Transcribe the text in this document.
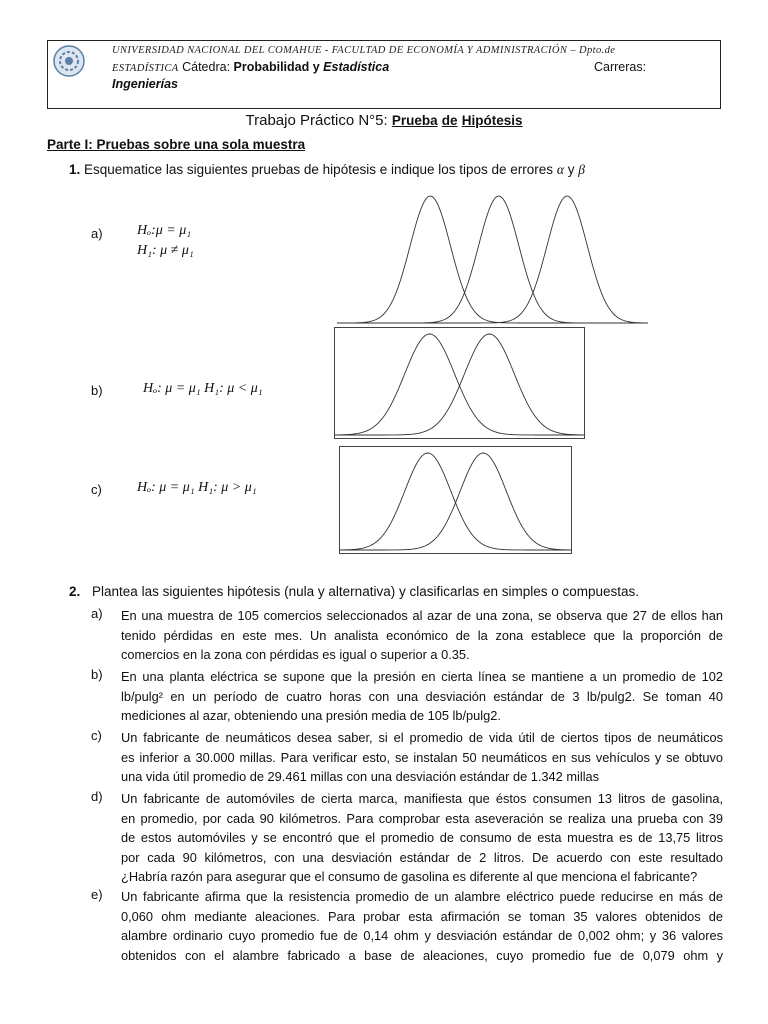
UNIVERSIDAD NACIONAL DEL COMAHUE - FACULTAD DE ECONOMÍA Y ADMINISTRACIÓN – Dpto.de
ESTADÍSTICA Cátedra: Probabilidad y Estadística	Carreras:
Ingenierías
Trabajo Práctico N°5: Prueba de Hipótesis
Parte I: Pruebas sobre una sola muestra
1. Esquematice las siguientes pruebas de hipótesis e indique los tipos de errores α y β
a) Hₒ:μ = μ₁
H₁: μ ≠ μ₁
b)	Hₒ: μ = μ₁ H₁: μ < μ₁
c)	Hₒ: μ = μ₁ H₁: μ > μ₁
2. Plantea las siguientes hipótesis (nula y alternativa) y clasificarlas en simples o compuestas.
a) En una muestra de 105 comercios seleccionados al azar de una zona, se observa que 27 de ellos han
tenido pérdidas en este mes. Un analista económico de la zona establece que la proporción de
comercios en la zona con pérdidas es igual o superior a 0.35.
b) En una planta eléctrica se supone que la presión en cierta línea se mantiene a un promedio de 102
lb/pulg² en un período de cuatro horas con una desviación estándar de 3 lb/pulg2. Se toman 40
mediciones al azar, obteniendo una presión media de 105 lb/pulg2.
c) Un fabricante de neumáticos desea saber, si el promedio de vida útil de ciertos tipos de neumáticos
es inferior a 30.000 millas. Para verificar esto, se instalan 50 neumáticos en sus vehículos y se obtuvo
una vida útil promedio de 29.461 millas con una desviación estándar de 1.342 millas
d) Un fabricante de automóviles de cierta marca, manifiesta que éstos consumen 13 litros de gasolina,
en promedio, por cada 90 kilómetros. Para comprobar esta aseveración se realiza una prueba con 39
de estos automóviles y se encontró que el promedio de consumo de esta muestra es de 13,75 litros
por cada 90 kilómetros, con una desviación estándar de 2 litros. De acuerdo con este resultado
¿Habría razón para asegurar que el consumo de gasolina es diferente al que menciona el fabricante?
e) Un fabricante afirma que la resistencia promedio de un alambre eléctrico puede reducirse en más de
0,060 ohm mediante aleaciones. Para probar esta afirmación se toman 35 valores obtenidos de
alambre ordinario cuyo promedio fue de 0,14 ohm y desviación estándar de 0,002 ohm; y 36 valores
obtenidos con el alambre fabricado a base de aleaciones, cuyo promedio fue de 0,079 ohm y
